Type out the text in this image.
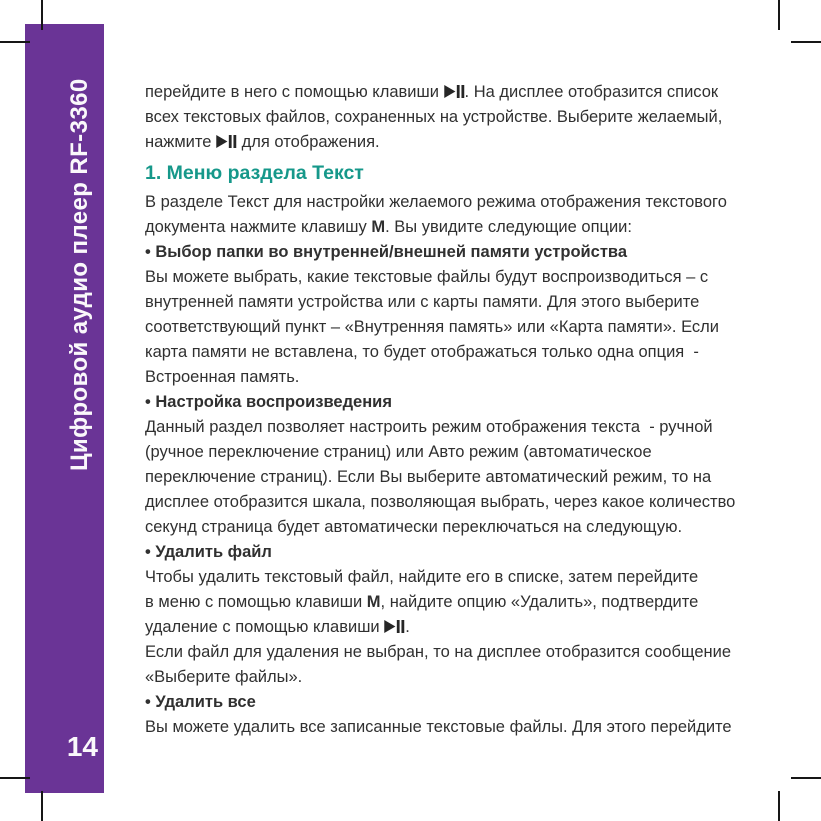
Цифровой аудио плеер RF-3360
14
перейдите в него с помощью клавиши . На дисплее отобразится список
всех текстовых файлов, сохраненных на устройстве. Выберите желаемый,
нажмите  для отображения.
1. Меню раздела Текст
В разделе Текст для настройки желаемого режима отображения текстового
документа нажмите клавишу М. Вы увидите следующие опции:
• Выбор папки во внутренней/внешней памяти устройства
Вы можете выбрать, какие текстовые файлы будут воспроизводиться – с
внутренней памяти устройства или с карты памяти. Для этого выберите
соответствующий пункт – «Внутренняя память» или «Карта памяти». Если
карта памяти не вставлена, то будет отображаться только одна опция  -
Встроенная память.
• Настройка воспроизведения
Данный раздел позволяет настроить режим отображения текста  - ручной
(ручное переключение страниц) или Авто режим (автоматическое
переключение страниц). Если Вы выберите автоматический режим, то на
дисплее отобразится шкала, позволяющая выбрать, через какое количество
секунд страница будет автоматически переключаться на следующую.
• Удалить файл
Чтобы удалить текстовый файл, найдите его в списке, затем перейдите
в меню с помощью клавиши М, найдите опцию «Удалить», подтвердите
удаление с помощью клавиши .
Если файл для удаления не выбран, то на дисплее отобразится сообщение
«Выберите файлы».
• Удалить все
Вы можете удалить все записанные текстовые файлы. Для этого перейдите
